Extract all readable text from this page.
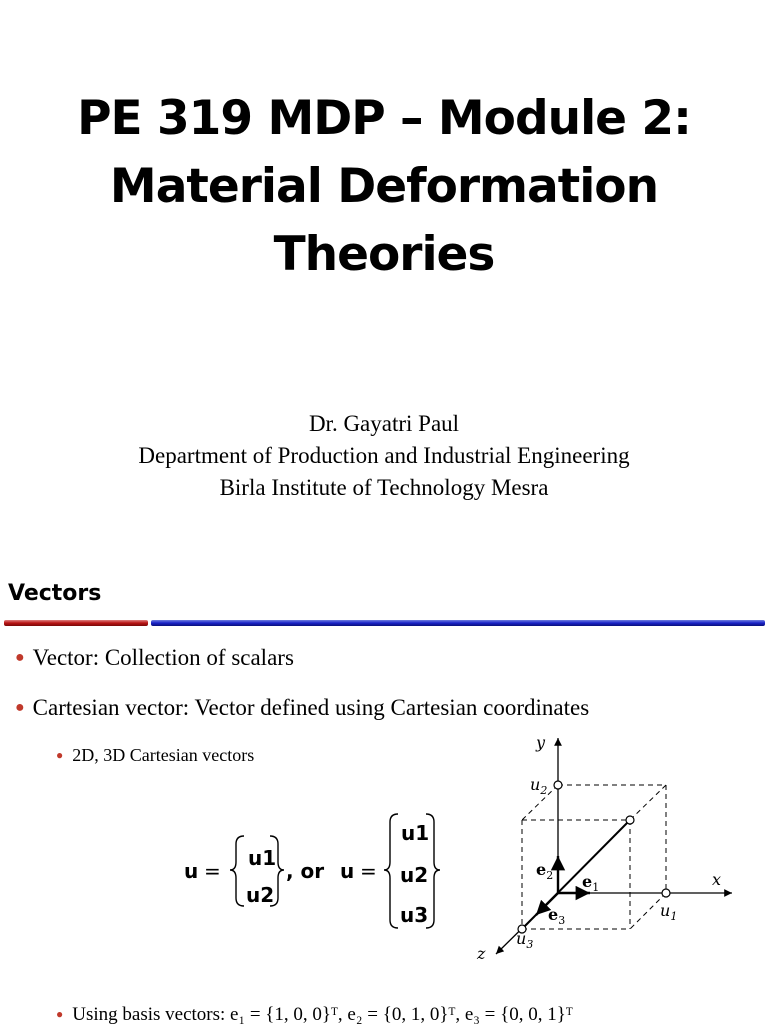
PE 319 MDP – Module 2:
Material Deformation
Theories
Dr. Gayatri Paul
Department of Production and Industrial Engineering
Birla Institute of Technology Mesra
Vectors
● Vector: Collection of scalars
● Cartesian vector: Vector defined using Cartesian coordinates
● 2D, 3D Cartesian vectors
u =
u1
u2
, or u =
u1
u2
u3
y
x
z
$u_2$
$u_1$
$u_3$
$e_2$ $e_1$
$e_3$
● Using basis vectors: e₁ = {1, 0, 0}ᵀ, e₂ = {0, 1, 0}ᵀ, e₃ = {0, 0, 1}ᵀ
